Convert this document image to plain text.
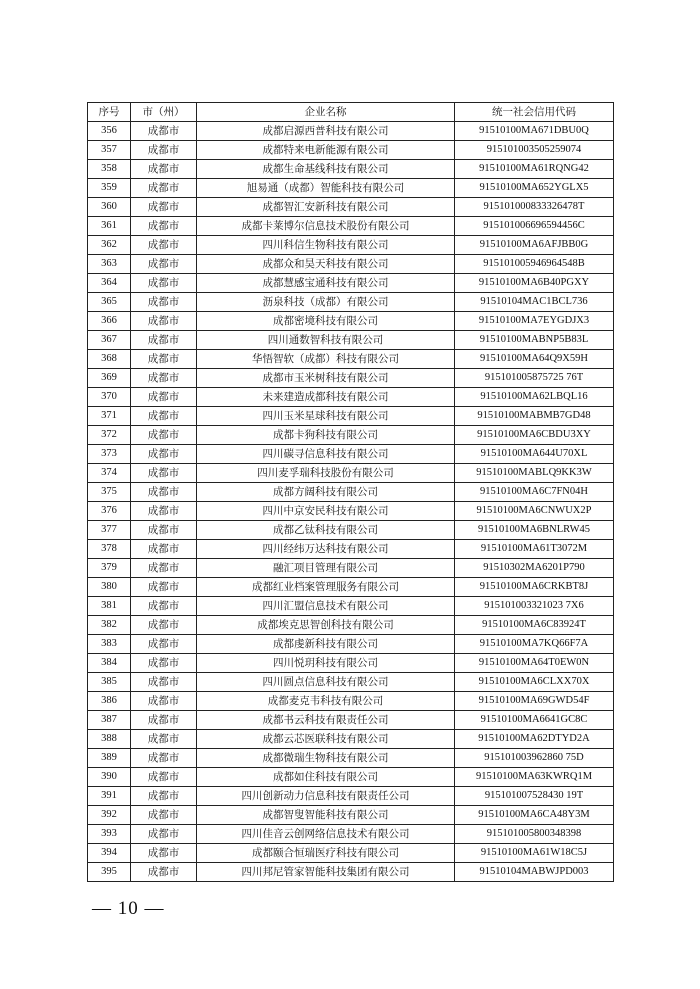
序号	市（州）	企业名称	统一社会信用代码
356	成都市	成都启源西普科技有限公司	91510100MA671DBU0Q
357	成都市	成都特来电新能源有限公司	915101003505259074
358	成都市	成都生命基线科技有限公司	91510100MA61RQNG42
359	成都市	旭易通（成都）智能科技有限公司	91510100MA652YGLX5
360	成都市	成都智汇安新科技有限公司	915101000833326478T
361	成都市	成都卡莱博尔信息技术股份有限公司	915101006696594456C
362	成都市	四川科信生物科技有限公司	91510100MA6AFJBB0G
363	成都市	成都众和昊天科技有限公司	915101005946964548B
364	成都市	成都慧感宝通科技有限公司	91510100MA6B40PGXY
365	成都市	沥泉科技（成都）有限公司	91510104MAC1BCL736
366	成都市	成都密境科技有限公司	91510100MA7EYGDJX3
367	成都市	四川通数智科技有限公司	91510100MABNP5B83L
368	成都市	华悟智软（成都）科技有限公司	91510100MA64Q9X59H
369	成都市	成都市玉米树科技有限公司	915101005875725 76T
370	成都市	未来建造成都科技有限公司	91510100MA62LBQL16
371	成都市	四川玉米星球科技有限公司	91510100MABMB7GD48
372	成都市	成都卡狗科技有限公司	91510100MA6CBDU3XY
373	成都市	四川碳寻信息科技有限公司	91510100MA644U70XL
374	成都市	四川麦孚瑞科技股份有限公司	91510100MABLQ9KK3W
375	成都市	成都方阔科技有限公司	91510100MA6C7FN04H
376	成都市	四川中京安民科技有限公司	91510100MA6CNWUX2P
377	成都市	成都乙钛科技有限公司	91510100MA6BNLRW45
378	成都市	四川经纬万达科技有限公司	91510100MA61T3072M
379	成都市	融汇项目管理有限公司	91510302MA6201P790
380	成都市	成都红业档案管理服务有限公司	91510100MA6CRKBT8J
381	成都市	四川汇盟信息技术有限公司	915101003321023 7X6
382	成都市	成都埃克思智创科技有限公司	91510100MA6C83924T
383	成都市	成都虔新科技有限公司	91510100MA7KQ66F7A
384	成都市	四川悦玥科技有限公司	91510100MA64T0EW0N
385	成都市	四川圆点信息科技有限公司	91510100MA6CLXX70X
386	成都市	成都麦克韦科技有限公司	91510100MA69GWD54F
387	成都市	成都书云科技有限责任公司	91510100MA6641GC8C
388	成都市	成都云芯医联科技有限公司	91510100MA62DTYD2A
389	成都市	成都微瑞生物科技有限公司	915101003962860 75D
390	成都市	成都如住科技有限公司	91510100MA63KWRQ1M
391	成都市	四川创新动力信息科技有限责任公司	915101007528430 19T
392	成都市	成都智叟智能科技有限公司	91510100MA6CA48Y3M
393	成都市	四川佳音云创网络信息技术有限公司	915101005800348398
394	成都市	成都颐合恒瑞医疗科技有限公司	91510100MA61W18C5J
395	成都市	四川邦尼管家智能科技集团有限公司	91510104MABWJPD003
— 10 —
